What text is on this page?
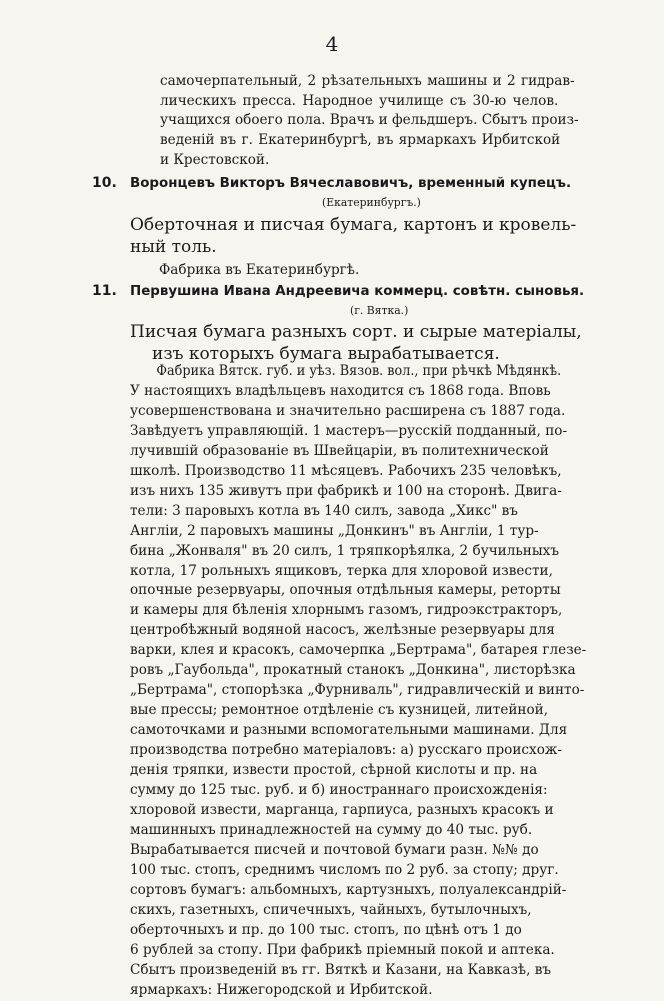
4
самочерпательный, 2 рѣзательныхъ машины и 2 гидрав-
лическихъ пресса. Народное училище съ 30-ю челов.
учащихся обоего пола. Врачъ и фельдшеръ. Сбытъ произ-
веденій въ г. Екатеринбургѣ, въ ярмаркахъ Ирбитской
и Крестовской.
10. Воронцевъ Викторъ Вячеславовичъ, временный купецъ.
(Екатеринбургъ.)
Оберточная и писчая бумага, картонъ и кровель-
ный толь.
Фабрика въ Екатеринбургѣ.
11. Первушина Ивана Андреевича коммерц. совѣтн. сыновья.
(г. Вятка.)
Писчая бумага разныхъ сорт. и сырые матеріалы,
изъ которыхъ бумага вырабатывается.
Фабрика Вятск. губ. и уѣз. Вязов. вол., при рѣчкѣ Мѣдянкѣ.
У настоящихъ владѣльцевъ находится съ 1868 года. Вповь
усовершенствована и значительно расширена съ 1887 года.
Завѣдуетъ управляющій. 1 мастеръ—русскій подданный, по-
лучившій образованіе въ Швейцаріи, въ политехнической
школѣ. Производство 11 мѣсяцевъ. Рабочихъ 235 человѣкъ,
изъ нихъ 135 живутъ при фабрикѣ и 100 на сторонѣ. Двига-
тели: 3 паровыхъ котла въ 140 силъ, завода „Хикс" въ
Англіи, 2 паровыхъ машины „Донкинъ" въ Англіи, 1 тур-
бина „Жонваля" въ 20 силъ, 1 тряпкорѣялка, 2 бучильныхъ
котла, 17 рольныхъ ящиковъ, терка для хлоровой извести,
опочные резервуары, опочныя отдѣльныя камеры, реторты
и камеры для бѣленія хлорнымъ газомъ, гидроэкстракторъ,
центробѣжный водяной насосъ, желѣзные резервуары для
варки, клея и красокъ, самочерпка „Бертрама", батарея глезе-
ровъ „Гаубольда", прокатный станокъ „Донкина", листорѣзка
„Бертрама", стопорѣзка „Фурниваль", гидравлическій и винто-
вые прессы; ремонтное отдѣленіе съ кузницей, литейной,
самоточками и разными вспомогательными машинами. Для
производства потребно матеріаловъ: а) русскаго происхож-
денія тряпки, извести простой, сѣрной кислоты и пр. на
сумму до 125 тыс. руб. и б) иностраннаго происхожденія:
хлоровой извести, марганца, гарпиуса, разныхъ красокъ и
машинныхъ принадлежностей на сумму до 40 тыс. руб.
Вырабатывается писчей и почтовой бумаги разн. №№ до
100 тыс. стопъ, среднимъ числомъ по 2 руб. за стопу; друг.
сортовъ бумагъ: альбомныхъ, картузныхъ, полуалександрій-
скихъ, газетныхъ, спичечныхъ, чайныхъ, бутылочныхъ,
оберточныхъ и пр. до 100 тыс. стопъ, по цѣнѣ отъ 1 до
6 рублей за стопу. При фабрикѣ пріемный покой и аптека.
Сбытъ произведеній въ гг. Вяткѣ и Казани, на Кавказѣ, въ
ярмаркахъ: Нижегородской и Ирбитской.
